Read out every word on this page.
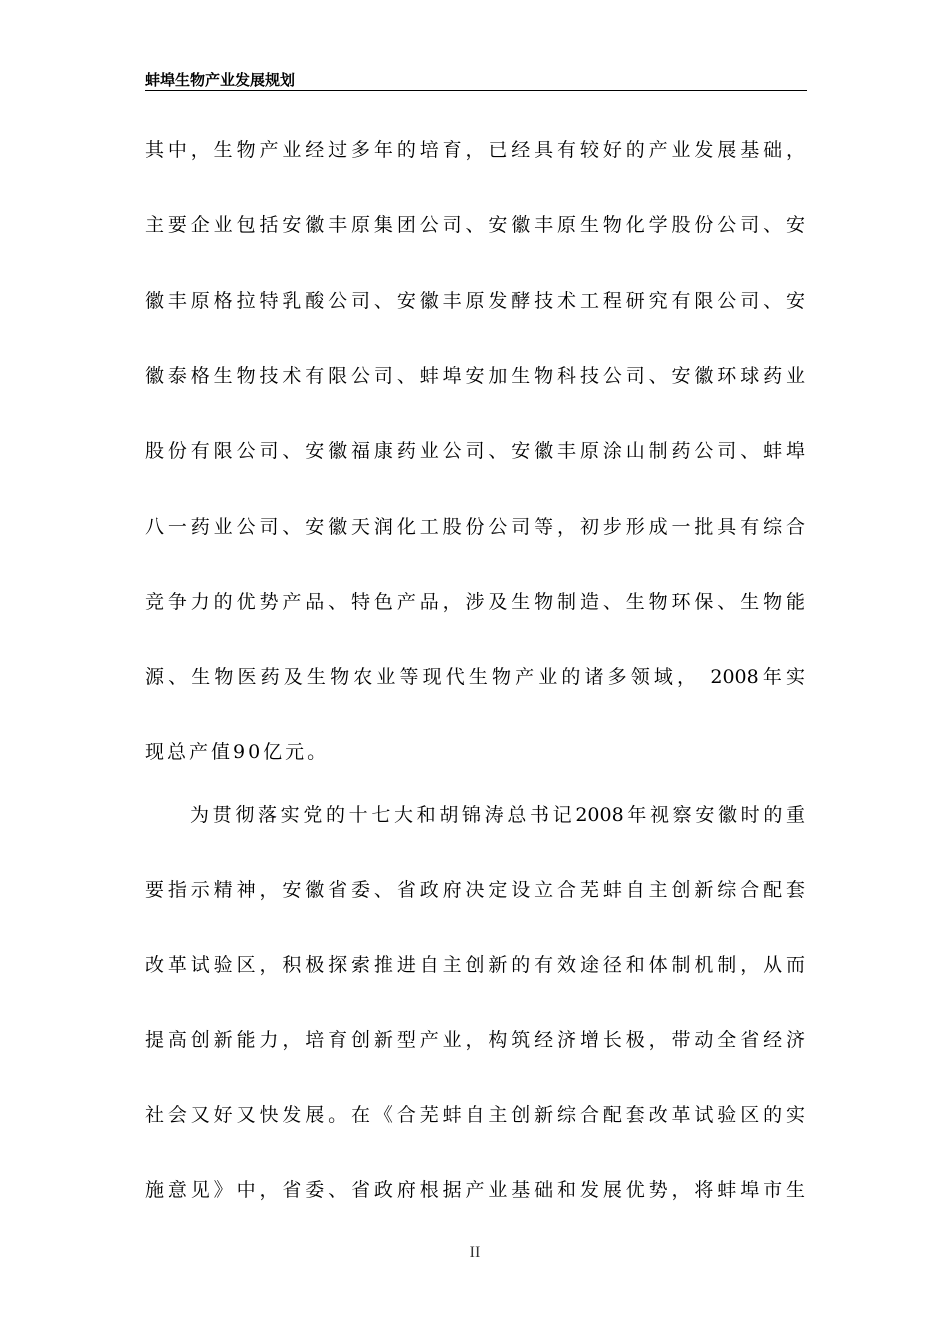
蚌埠生物产业发展规划
其中，生物产业经过多年的培育，已经具有较好的产业发展基础，
主要企业包括安徽丰原集团公司、安徽丰原生物化学股份公司、安
徽丰原格拉特乳酸公司、安徽丰原发酵技术工程研究有限公司、安
徽泰格生物技术有限公司、蚌埠安加生物科技公司、安徽环球药业
股份有限公司、安徽福康药业公司、安徽丰原涂山制药公司、蚌埠
八一药业公司、安徽天润化工股份公司等，初步形成一批具有综合
竞争力的优势产品、特色产品，涉及生物制造、生物环保、生物能
源、生物医药及生物农业等现代生物产业的诸多领域， 2008年实
现总产值90亿元。
为贯彻落实党的十七大和胡锦涛总书记2008年视察安徽时的重
要指示精神，安徽省委、省政府决定设立合芜蚌自主创新综合配套
改革试验区，积极探索推进自主创新的有效途径和体制机制，从而
提高创新能力，培育创新型产业，构筑经济增长极，带动全省经济
社会又好又快发展。在《合芜蚌自主创新综合配套改革试验区的实
施意见》中，省委、省政府根据产业基础和发展优势，将蚌埠市生
II
